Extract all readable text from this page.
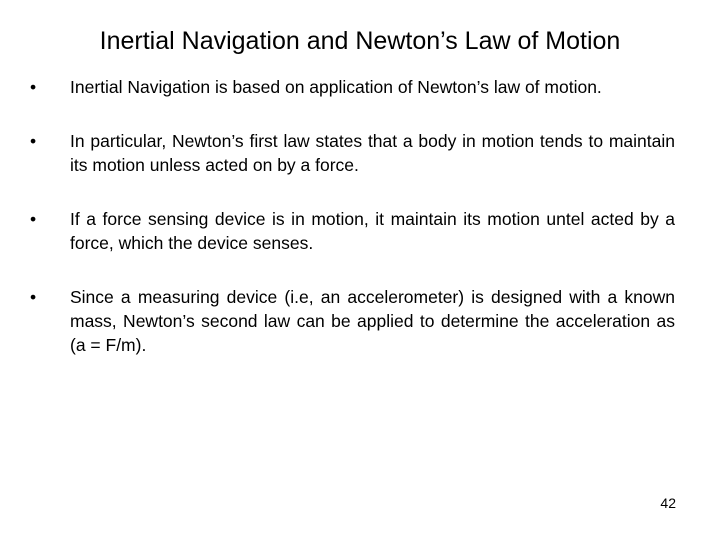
Inertial Navigation and Newton’s Law of Motion
•	Inertial Navigation is based on application of Newton’s law of motion.
•	In particular, Newton’s first law states that a body in motion tends to maintain its motion unless acted on by a force.
•	If a force sensing device is in motion, it maintain its motion untel acted by a force, which the device senses.
•	Since a measuring device (i.e, an accelerometer) is designed with a known mass, Newton’s second law can be applied to determine the acceleration as (a = F/m).
42
